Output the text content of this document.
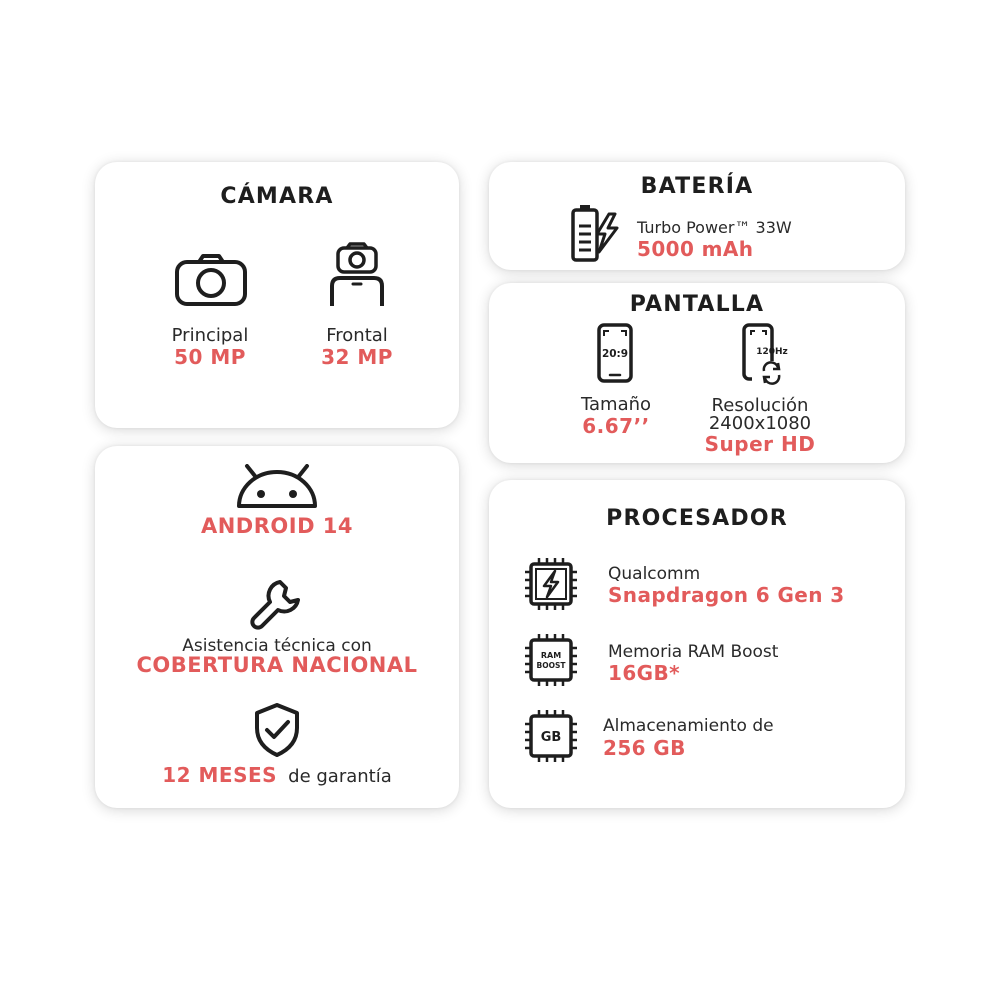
CÁMARA
Principal
50 MP
Frontal
32 MP
BATERÍA
Turbo Power™ 33W
5000 mAh
PANTALLA
20:9
Tamaño
6.67’’
120Hz
Resolución
2400x1080
Super HD
ANDROID 14
Asistencia técnica con
COBERTURA NACIONAL
12 MESES de garantía
PROCESADOR
Qualcomm
Snapdragon 6 Gen 3
RAM
BOOST
Memoria RAM Boost
16GB*
GB
Almacenamiento de
256 GB
